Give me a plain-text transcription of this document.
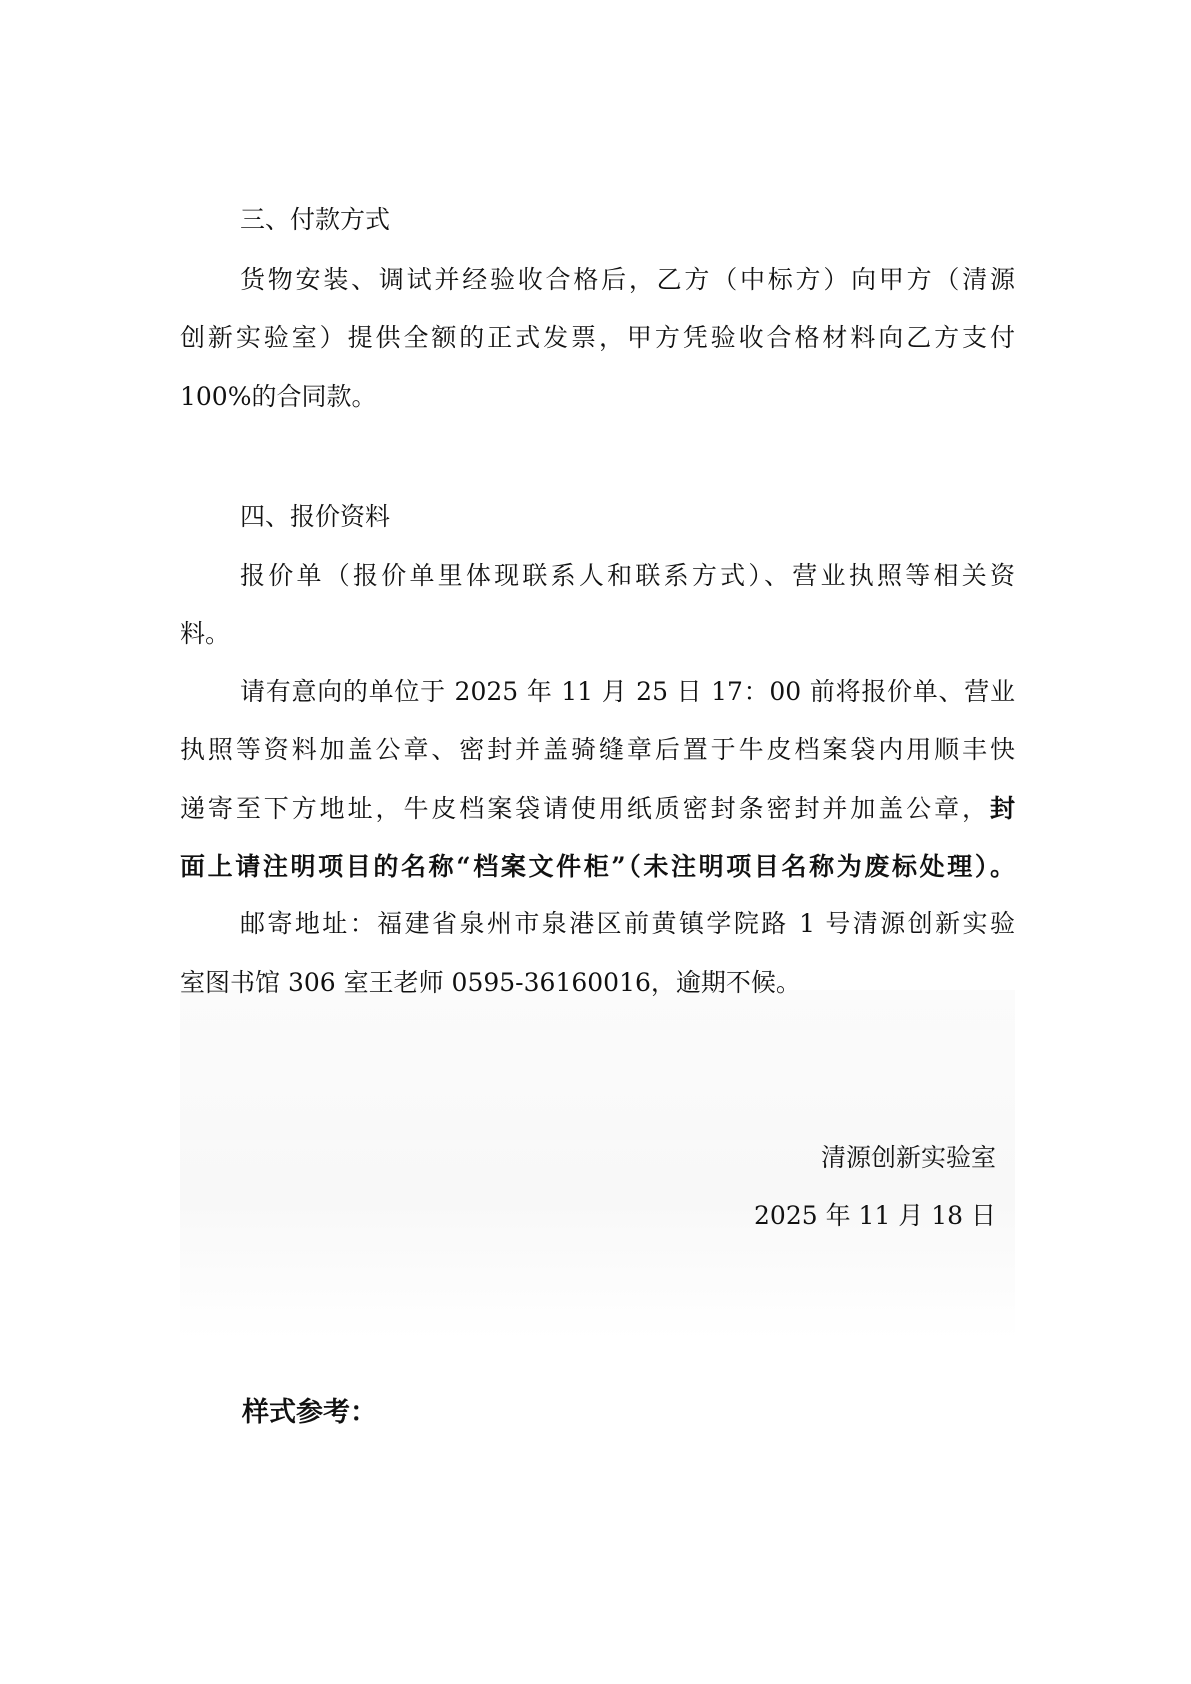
三、付款方式
货物安装、调试并经验收合格后，乙方（中标方）向甲方（清源
创新实验室）提供全额的正式发票，甲方凭验收合格材料向乙方支付
100%的合同款。
四、报价资料
报价单（报价单里体现联系人和联系方式）、营业执照等相关资
料。
请有意向的单位于 2025 年 11 月 25 日 17：00 前将报价单、营业
执照等资料加盖公章、密封并盖骑缝章后置于牛皮档案袋内用顺丰快
递寄至下方地址，牛皮档案袋请使用纸质密封条密封并加盖公章，封
面上请注明项目的名称“档案文件柜”（未注明项目名称为废标处理）。
邮寄地址：福建省泉州市泉港区前黄镇学院路 1 号清源创新实验
室图书馆 306 室王老师 0595-36160016，逾期不候。
清源创新实验室
2025 年 11 月 18 日
样式参考：
